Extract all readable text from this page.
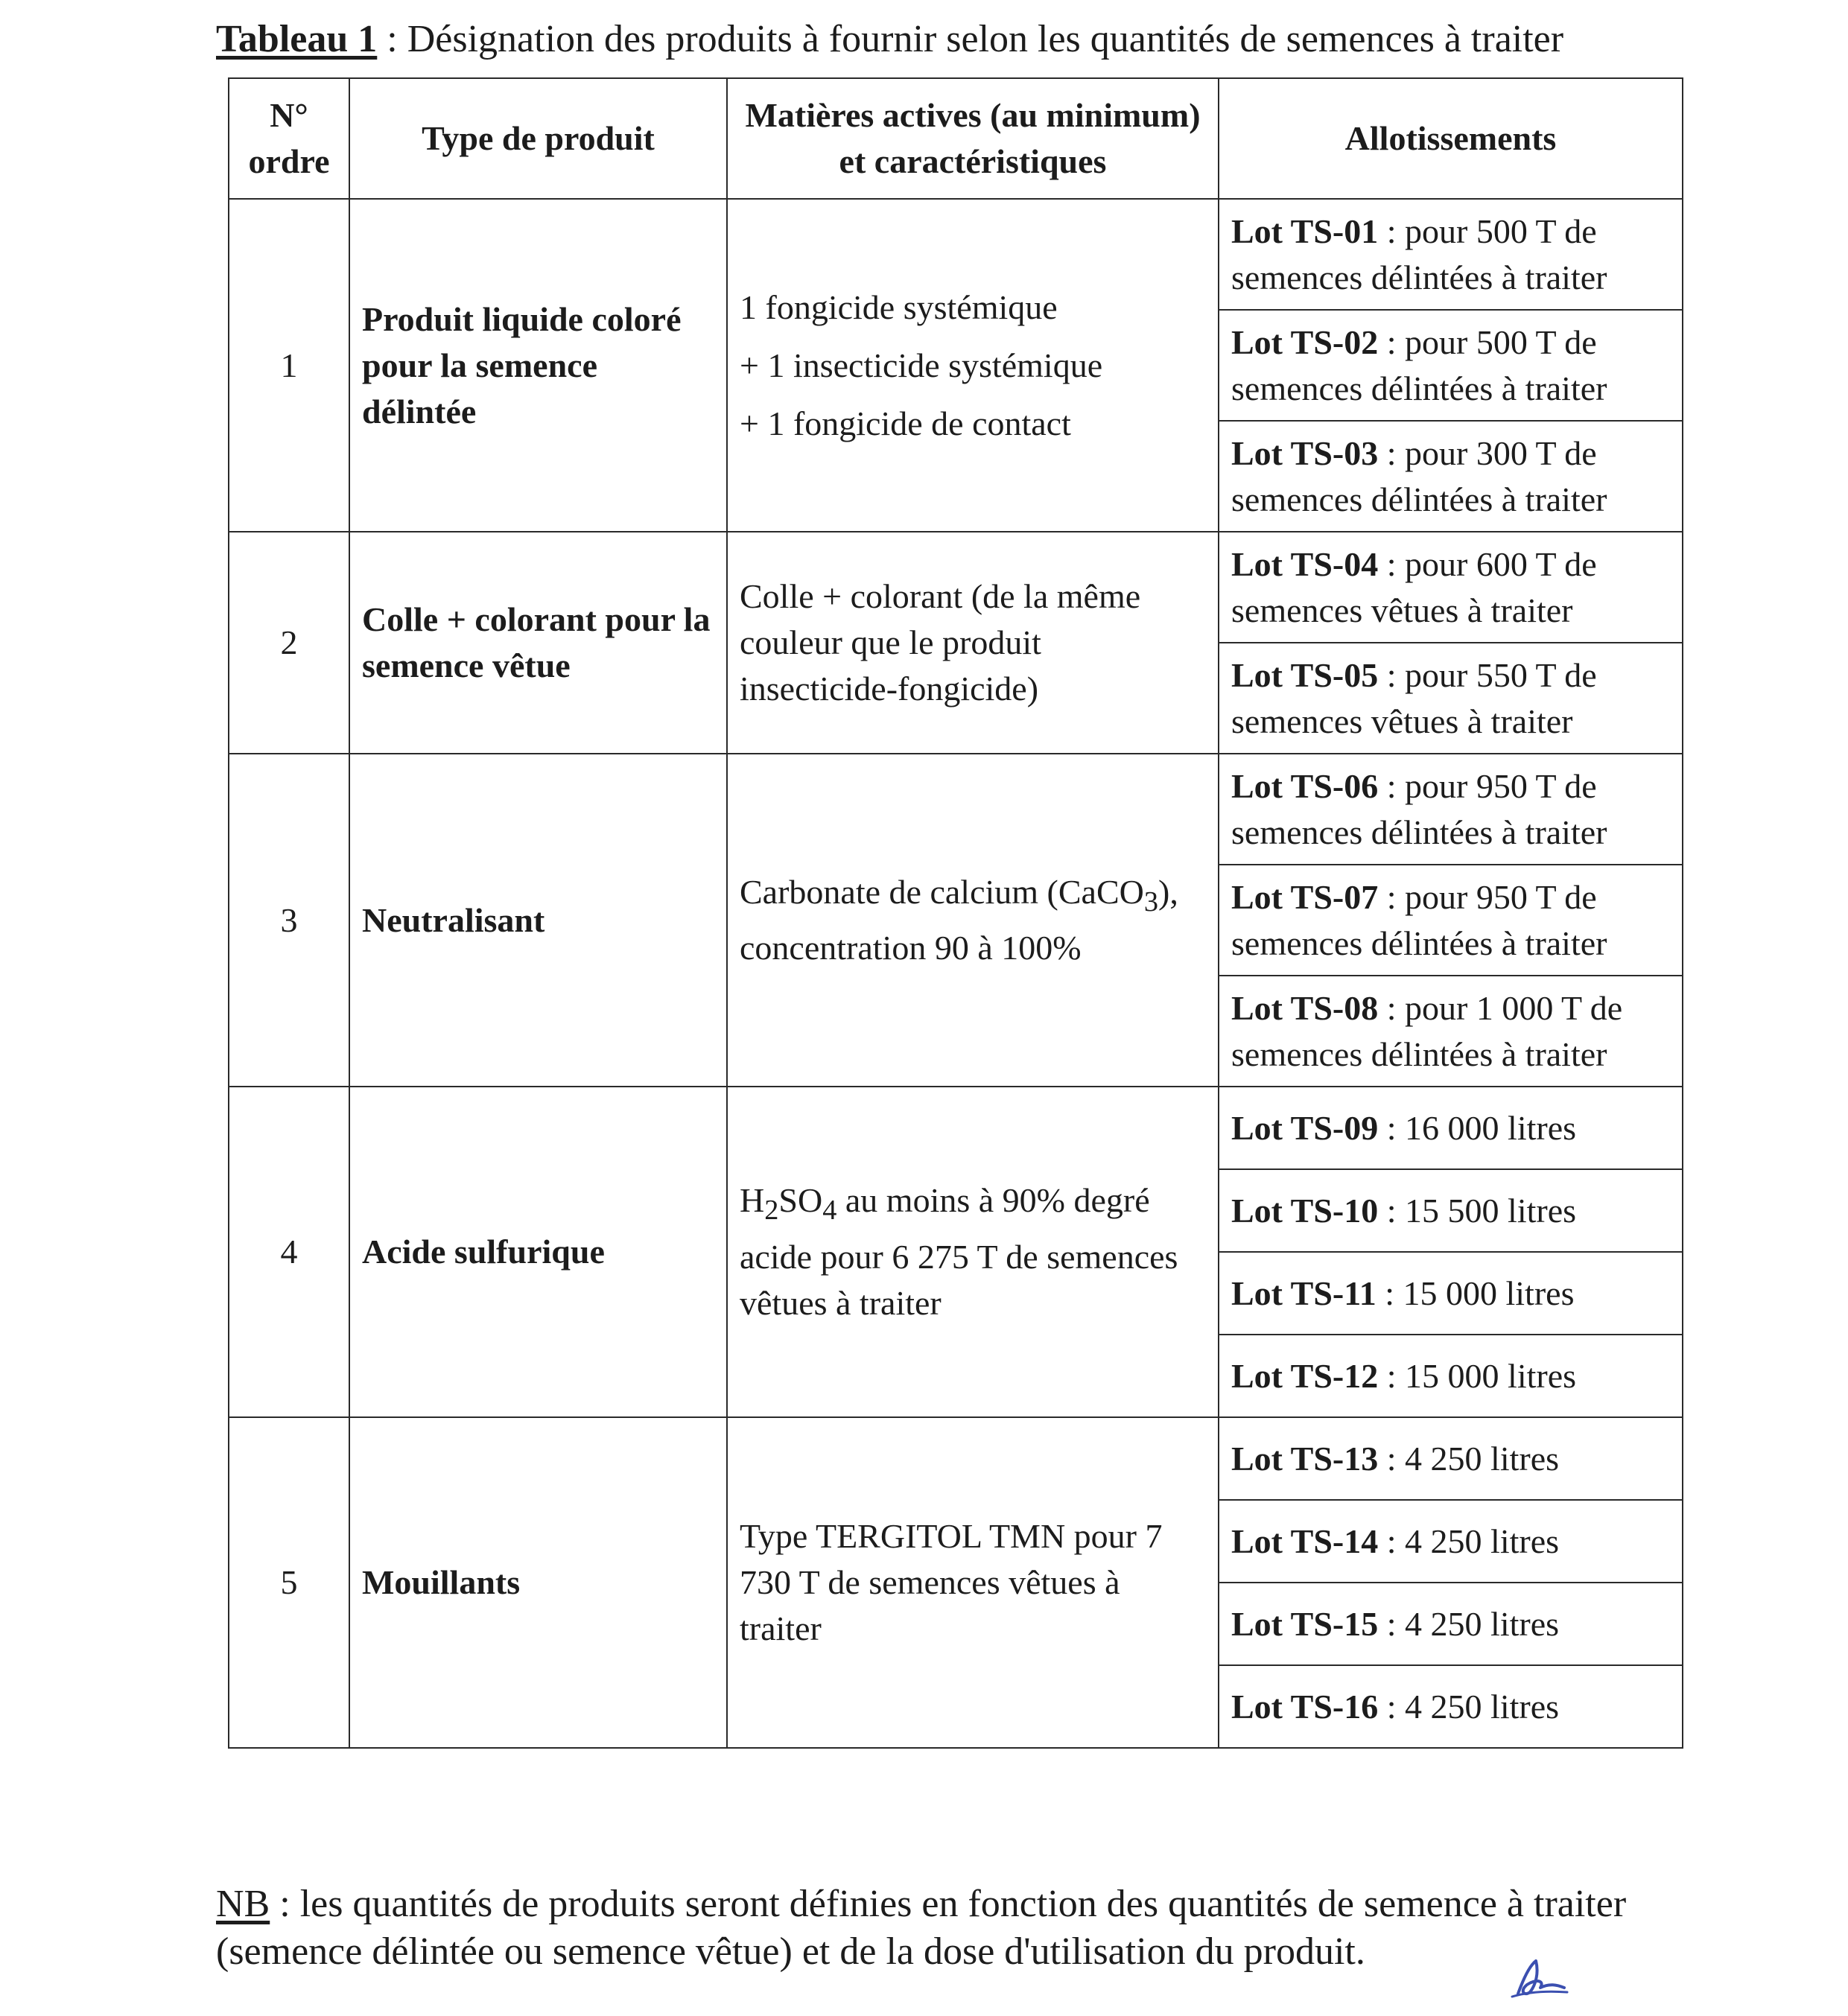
Tableau 1 : Désignation des produits à fournir selon les quantités de semences à traiter
N° ordre	Type de produit	Matières actives (au minimum) et caractéristiques	Allotissements
1	Produit liquide coloré pour la semence délintée	1 fongicide systémique
+ 1 insecticide systémique
+ 1 fongicide de contact	Lot TS-01 : pour 500 T de
semences délintées à traiter
			Lot TS-02 : pour 500 T de
semences délintées à traiter
			Lot TS-03 : pour 300 T de
semences délintées à traiter
2	Colle + colorant pour la semence vêtue	Colle + colorant (de la même couleur que le produit insecticide-fongicide)	Lot TS-04 : pour 600 T de
semences vêtues à traiter
			Lot TS-05 : pour 550 T de
semences vêtues à traiter
3	Neutralisant	Carbonate de calcium (CaCO$_3$), concentration 90 à 100%	Lot TS-06 : pour 950 T de
semences délintées à traiter
			Lot TS-07 : pour 950 T de
semences délintées à traiter
			Lot TS-08 : pour 1 000 T de
semences délintées à traiter
4	Acide sulfurique	$H_2SO_4$ au moins à 90% degré acide pour 6 275 T de semences vêtues à traiter	Lot TS-09 : 16 000 litres
			Lot TS-10 : 15 500 litres
			Lot TS-11 : 15 000 litres
			Lot TS-12 : 15 000 litres
5	Mouillants	Type TERGITOL TMN pour 7 730 T de semences vêtues à traiter	Lot TS-13 : 4 250 litres
			Lot TS-14 : 4 250 litres
			Lot TS-15 : 4 250 litres
			Lot TS-16 : 4 250 litres
NB : les quantités de produits seront définies en fonction des quantités de semence à traiter (semence délintée ou semence vêtue) et de la dose d'utilisation du produit.
